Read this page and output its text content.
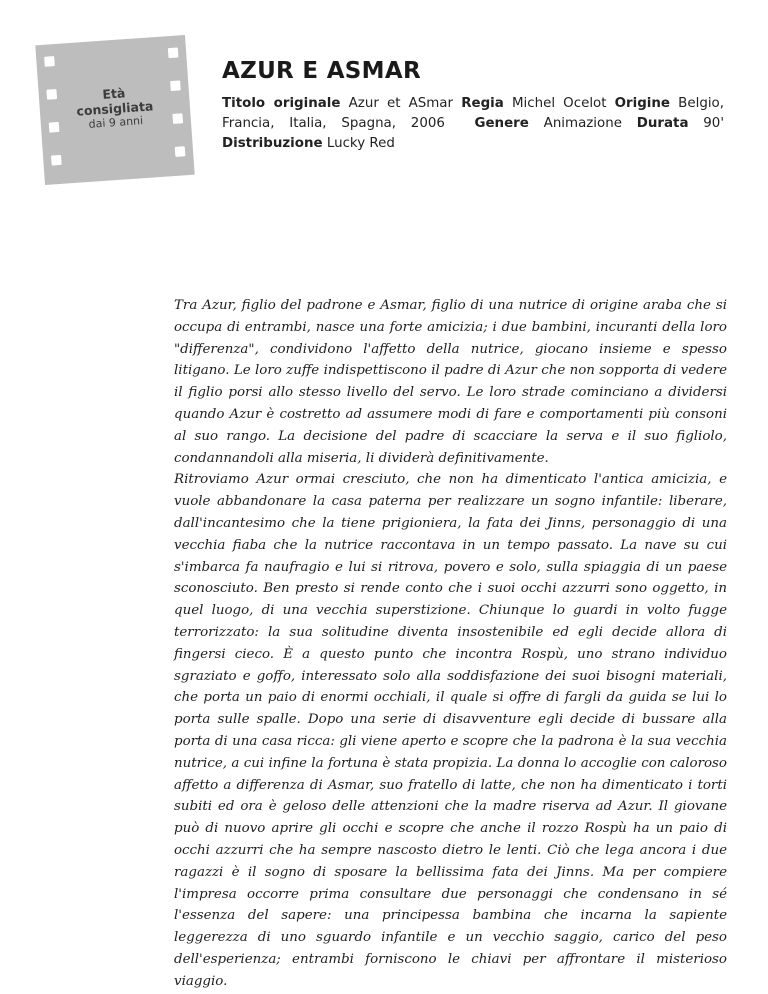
Età
consigliata
dai 9 anni
AZUR E ASMAR
Titolo originale Azur et ASmar Regia Michel Ocelot Origine Belgio, Francia, Italia, Spagna, 2006 Genere Animazione Durata 90' Distribuzione Lucky Red

Tra Azur, figlio del padrone e Asmar, figlio di una nutrice di origine araba che si occupa di entrambi, nasce una forte amicizia; i due bambini, incuranti della loro "differenza", condividono l'affetto della nutrice, giocano insieme e spesso litigano. Le loro zuffe indispettiscono il padre di Azur che non sopporta di vedere il figlio porsi allo stesso livello del servo. Le loro strade cominciano a dividersi quando Azur è costretto ad assumere modi di fare e comportamenti più consoni al suo rango. La decisione del padre di scacciare la serva e il suo figliolo, condannandoli alla miseria, li dividerà definitivamente.

Ritroviamo Azur ormai cresciuto, che non ha dimenticato l'antica amicizia, e vuole abbandonare la casa paterna per realizzare un sogno infantile: liberare, dall'incantesimo che la tiene prigioniera, la fata dei Jinns, personaggio di una vecchia fiaba che la nutrice raccontava in un tempo passato. La nave su cui s'imbarca fa naufragio e lui si ritrova, povero e solo, sulla spiaggia di un paese sconosciuto. Ben presto si rende conto che i suoi occhi azzurri sono oggetto, in quel luogo, di una vecchia superstizione. Chiunque lo guardi in volto fugge terrorizzato: la sua solitudine diventa insostenibile ed egli decide allora di fingersi cieco. È a questo punto che incontra Rospù, uno strano individuo sgraziato e goffo, interessato solo alla soddisfazione dei suoi bisogni materiali, che porta un paio di enormi occhiali, il quale si offre di fargli da guida se lui lo porta sulle spalle. Dopo una serie di disavventure egli decide di bussare alla porta di una casa ricca: gli viene aperto e scopre che la padrona è la sua vecchia nutrice, a cui infine la fortuna è stata propizia. La donna lo accoglie con caloroso affetto a differenza di Asmar, suo fratello di latte, che non ha dimenticato i torti subiti ed ora è geloso delle attenzioni che la madre riserva ad Azur. Il giovane può di nuovo aprire gli occhi e scopre che anche il rozzo Rospù ha un paio di occhi azzurri che ha sempre nascosto dietro le lenti. Ciò che lega ancora i due ragazzi è il sogno di sposare la bellissima fata dei Jinns. Ma per compiere l'impresa occorre prima consultare due personaggi che condensano in sé l'essenza del sapere: una principessa bambina che incarna la sapiente leggerezza di uno sguardo infantile e un vecchio saggio, carico del peso dell'esperienza; entrambi forniscono le chiavi per affrontare il misterioso viaggio.
